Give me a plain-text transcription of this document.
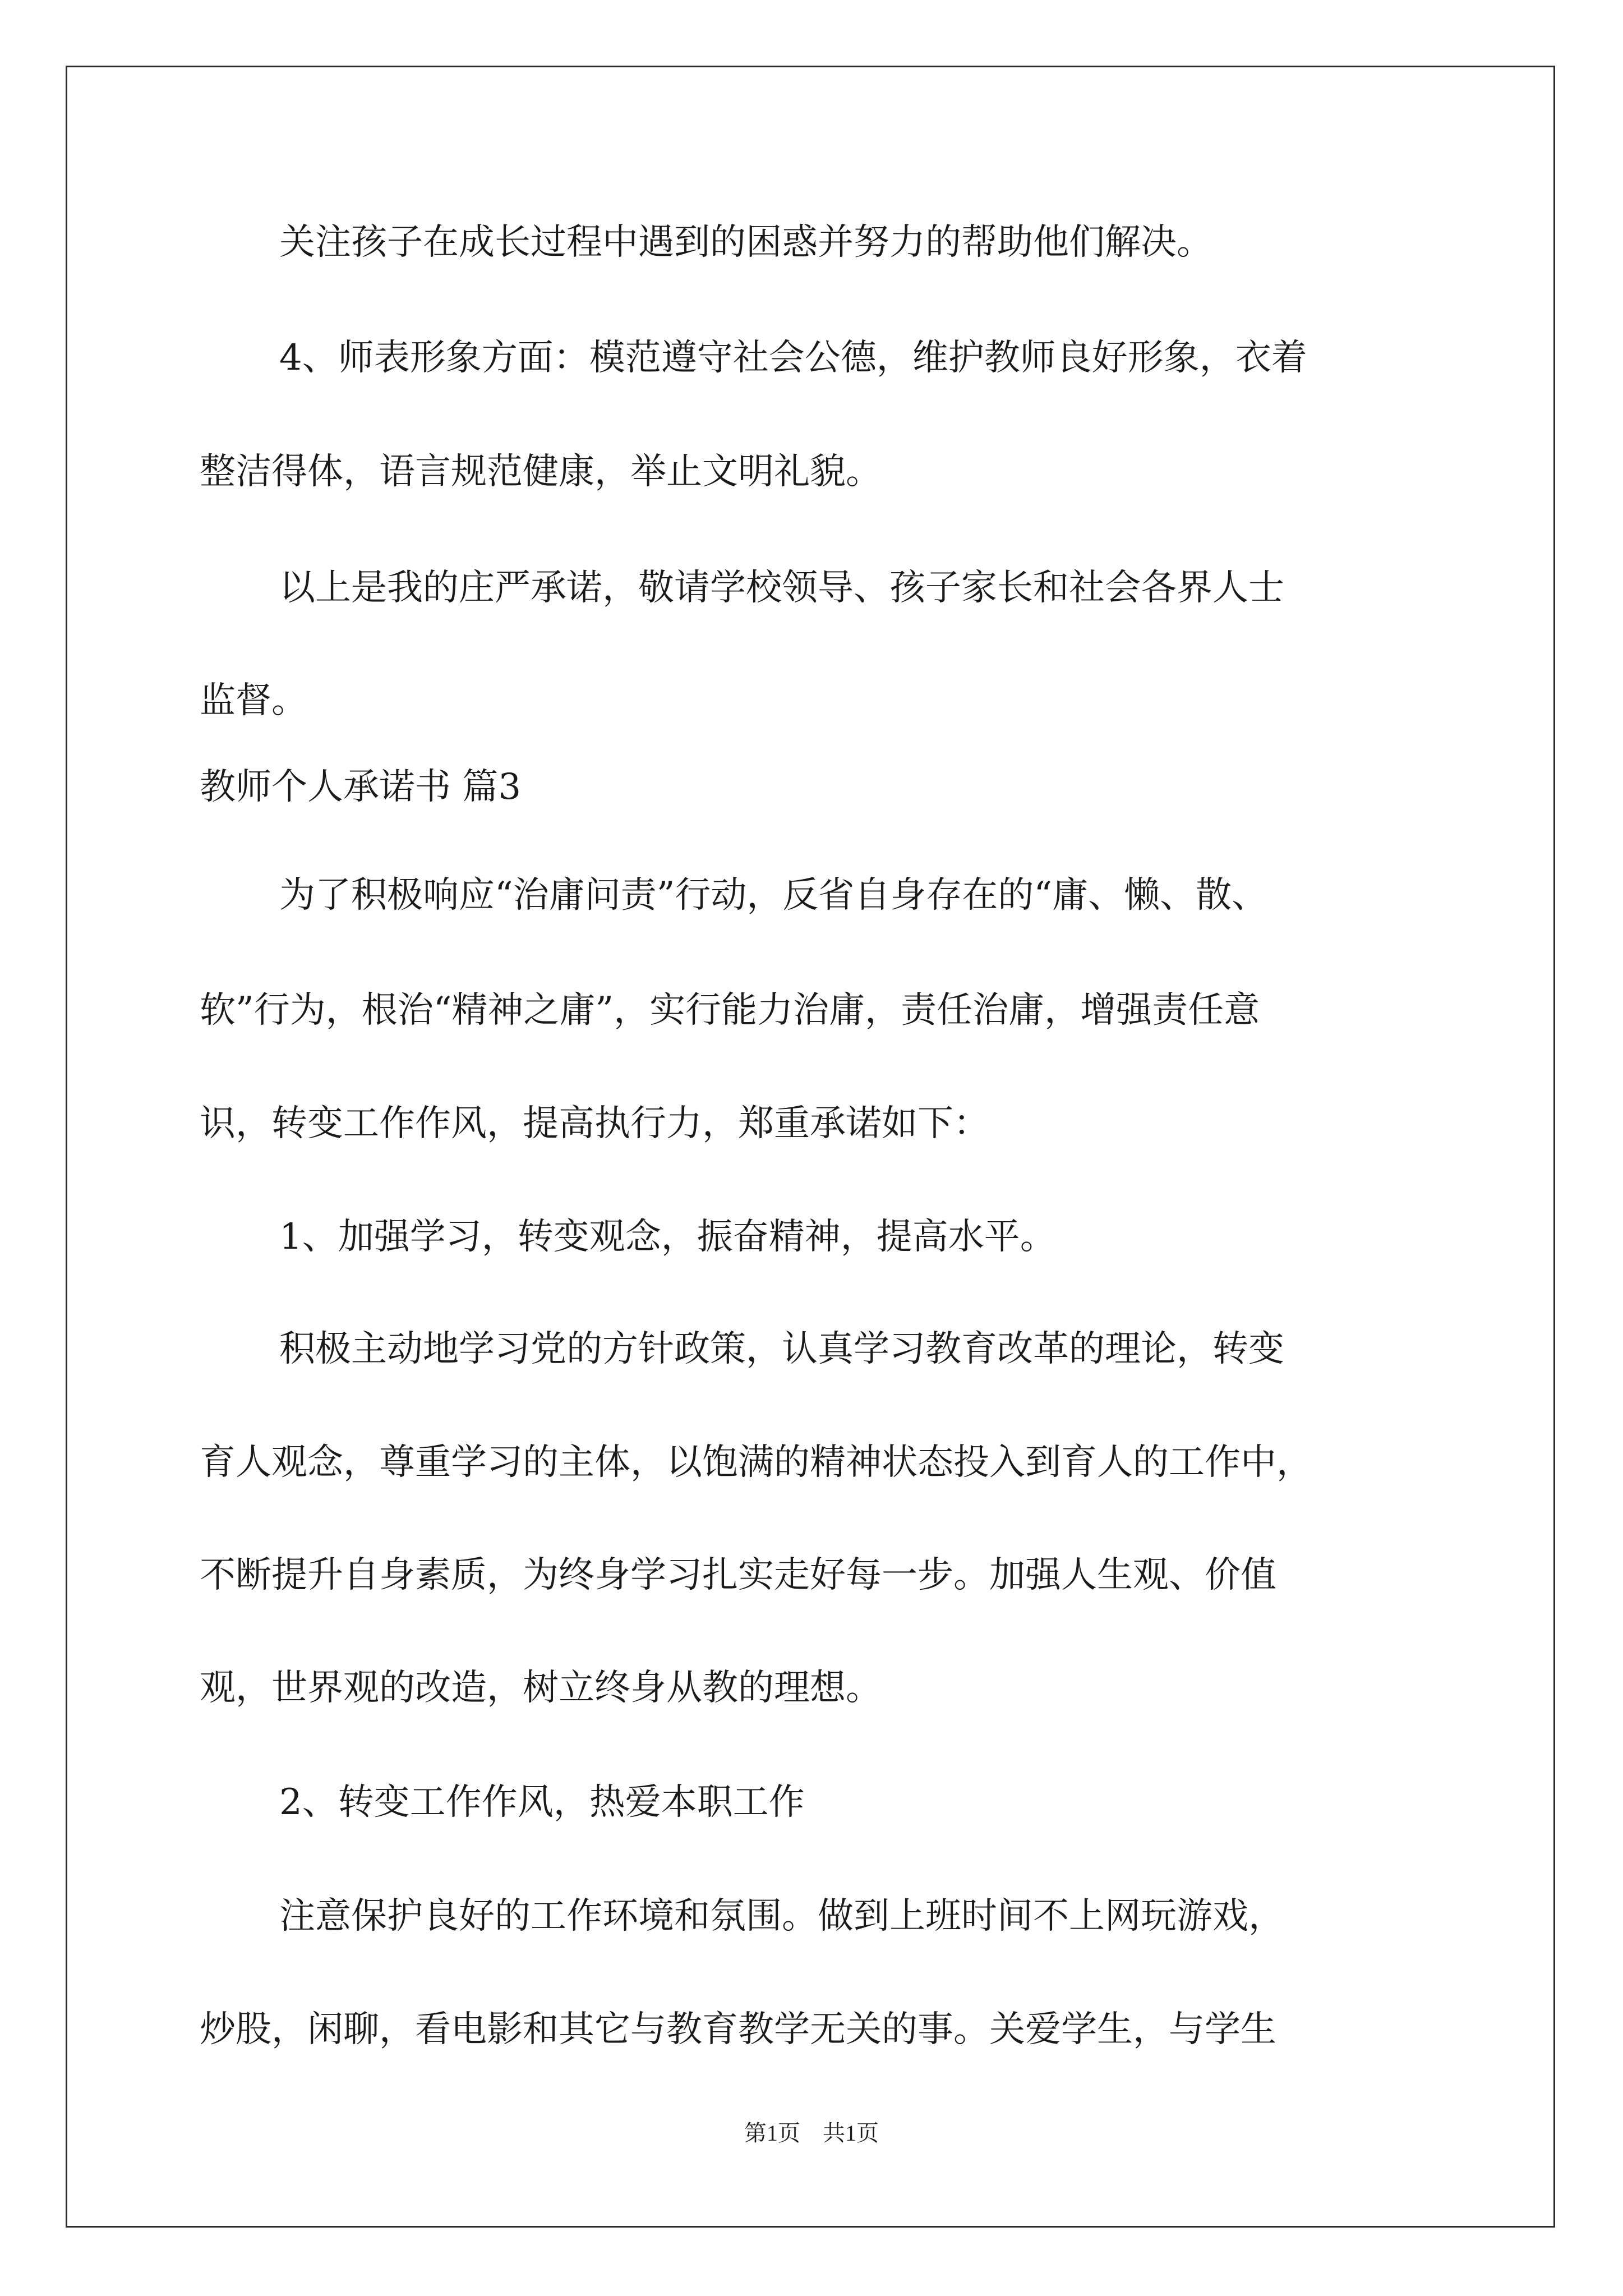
关注孩子在成长过程中遇到的困惑并努力的帮助他们解决。
4、师表形象方面：模范遵守社会公德，维护教师良好形象，衣着
整洁得体，语言规范健康，举止文明礼貌。
以上是我的庄严承诺，敬请学校领导、孩子家长和社会各界人士
监督。
教师个人承诺书 篇3
为了积极响应“治庸问责”行动，反省自身存在的“庸、懒、散、
软”行为，根治“精神之庸”，实行能力治庸，责任治庸，增强责任意
识，转变工作作风，提高执行力，郑重承诺如下：
1、加强学习，转变观念，振奋精神，提高水平。
积极主动地学习党的方针政策，认真学习教育改革的理论，转变
育人观念，尊重学习的主体，以饱满的精神状态投入到育人的工作中，
不断提升自身素质，为终身学习扎实走好每一步。加强人生观、价值
观，世界观的改造，树立终身从教的理想。
2、转变工作作风，热爱本职工作
注意保护良好的工作环境和氛围。做到上班时间不上网玩游戏，
炒股，闲聊，看电影和其它与教育教学无关的事。关爱学生，与学生
第1页 共1页
